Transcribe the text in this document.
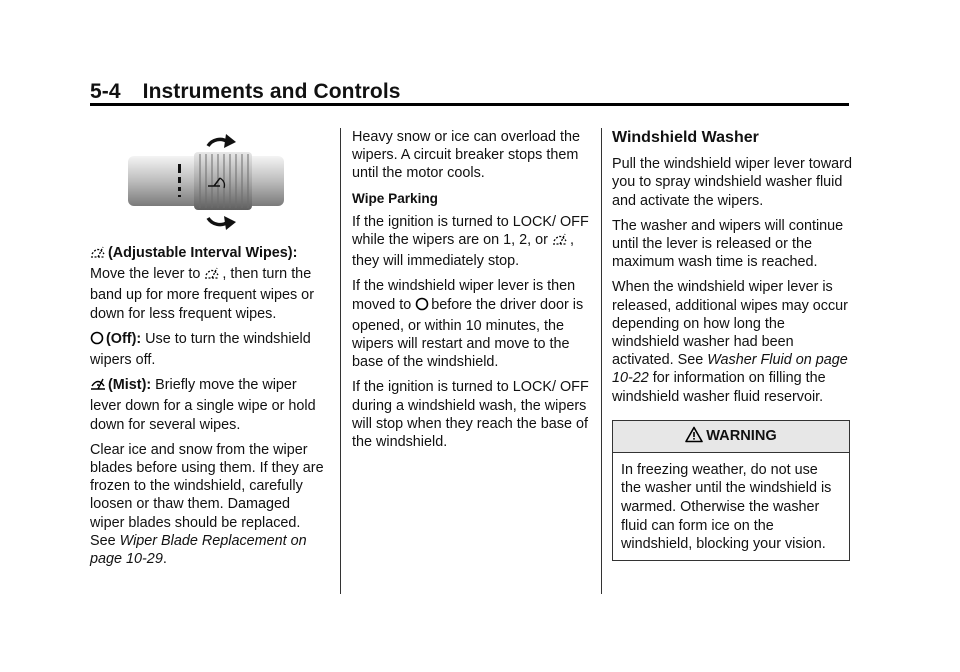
5-4 Instruments and Controls

(Adjustable Interval Wipes):
Move the lever to , then turn the band up for more frequent wipes or down for less frequent wipes.

(Off): Use to turn the windshield wipers off.

(Mist): Briefly move the wiper lever down for a single wipe or hold down for several wipes.

Clear ice and snow from the wiper blades before using them. If they are frozen to the windshield, carefully loosen or thaw them. Damaged wiper blades should be replaced. See Wiper Blade Replacement on page 10-29.

Heavy snow or ice can overload the wipers. A circuit breaker stops them until the motor cools.

Wipe Parking

If the ignition is turned to LOCK/ OFF while the wipers are on 1, 2, or , they will immediately stop.

If the windshield wiper lever is then moved to before the driver door is opened, or within 10 minutes, the wipers will restart and move to the base of the windshield.

If the ignition is turned to LOCK/ OFF during a windshield wash, the wipers will stop when they reach the base of the windshield.

Windshield Washer

Pull the windshield wiper lever toward you to spray windshield washer fluid and activate the wipers.

The washer and wipers will continue until the lever is released or the maximum wash time is reached.

When the windshield wiper lever is released, additional wipes may occur depending on how long the windshield washer had been activated. See Washer Fluid on page 10-22 for information on filling the windshield washer fluid reservoir.

WARNING
In freezing weather, do not use the washer until the windshield is warmed. Otherwise the washer fluid can form ice on the windshield, blocking your vision.
